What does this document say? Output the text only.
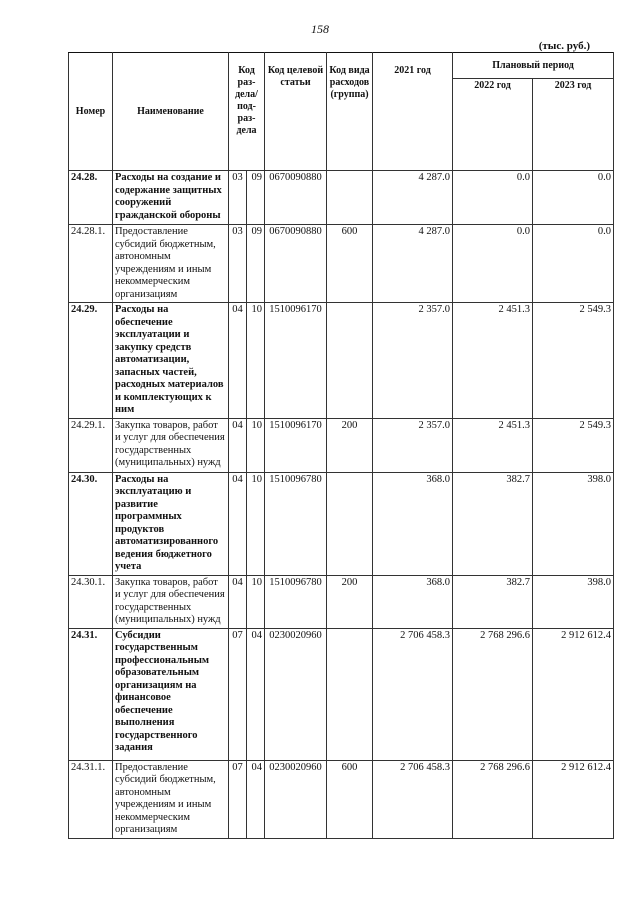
158
(тыс. руб.)
Номер	Наименование	Код раз-дела/ под-раз-дела		Код целевой статьи	Код вида расходов (группа)	2021 год	Плановый период	
							2022 год	2023 год
24.28.	Расходы на создание и содержание защитных сооружений гражданской обороны	03	09	0670090880		4 287.0	0.0	0.0
24.28.1.	Предоставление субсидий бюджетным, автономным учреждениям и иным некоммерческим организациям	03	09	0670090880	600	4 287.0	0.0	0.0
24.29.	Расходы на обеспечение эксплуатации и закупку средств автоматизации, запасных частей, расходных материалов и комплектующих к ним	04	10	1510096170		2 357.0	2 451.3	2 549.3
24.29.1.	Закупка товаров, работ и услуг для обеспечения государственных (муниципальных) нужд	04	10	1510096170	200	2 357.0	2 451.3	2 549.3
24.30.	Расходы на эксплуатацию и развитие программных продуктов автоматизированного ведения бюджетного учета	04	10	1510096780		368.0	382.7	398.0
24.30.1.	Закупка товаров, работ и услуг для обеспечения государственных (муниципальных) нужд	04	10	1510096780	200	368.0	382.7	398.0
24.31.	Субсидии государственным профессиональным образовательным организациям на финансовое обеспечение выполнения государственного задания	07	04	0230020960		2 706 458.3	2 768 296.6	2 912 612.4
24.31.1.	Предоставление субсидий бюджетным, автономным учреждениям и иным некоммерческим организациям	07	04	0230020960	600	2 706 458.3	2 768 296.6	2 912 612.4
